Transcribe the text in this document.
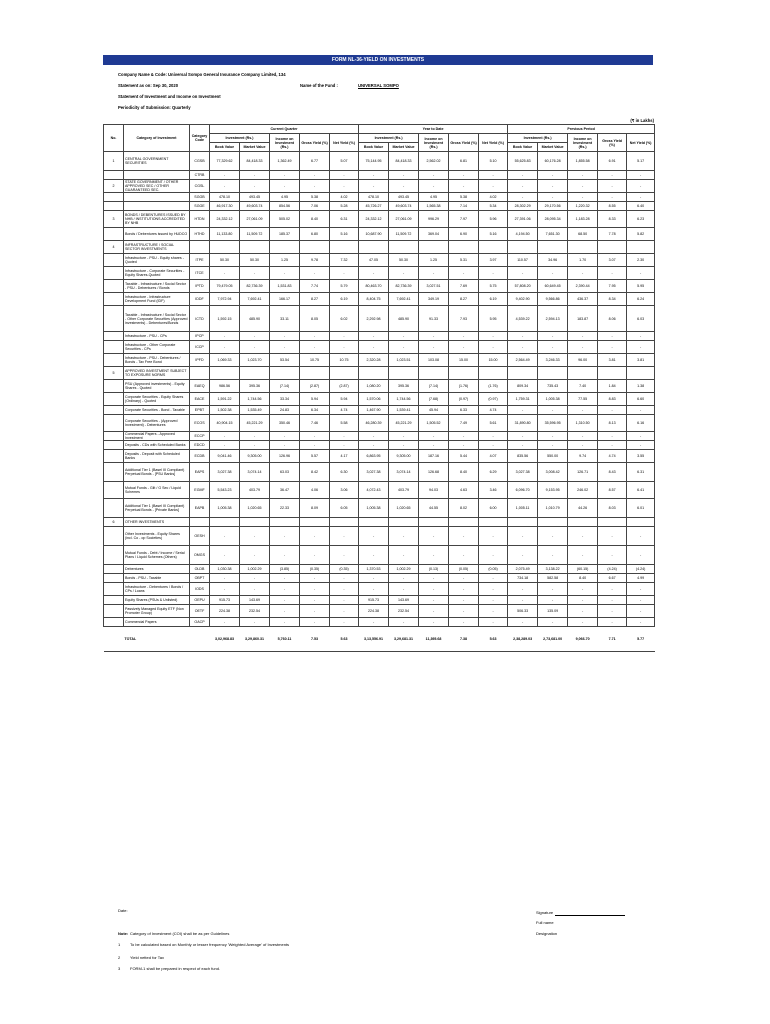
FORM NL-36-YIELD ON INVESTMENTS
Company Name & Code: Universal Sompo General Insurance Company Limited, 134
Statement as on: Sep 30, 2020	Name of the Fund :	UNIVERSAL SOMPO
Statement of Investment and Income on Investment
Periodicity of Submission: Quarterly
(₹ in Lakhs)
No.	Category of Investment	Category Code	Current Quarter					Year to Date					Previous Period				
			Investment (Rs.)		Income on Investment (Rs.)	Gross Yield (%)	Net Yield (%)	Investment (Rs.)		Income on Investment (Rs.)	Gross Yield (%)	Net Yield (%)	Investment (Rs.)		Income on Investment (Rs.)	Gross Yield (%)	Net Yield (%)
			Book Value	Market Value				Book Value	Market Value				Book Value	Market Value			
1	CENTRAL GOVERNMENT SECURITIES	CGSB	77,329.62	84,418.33	1,362.49	6.77	5.07	75,144.95	84,418.33	2,562.02	6.81	5.10	55,625.83	60,176.28	1,855.58	6.91	5.17
		CTRB	-	-	-	-	-	-	-	-	-	-	-	-	-	-	-
2	STATE GOVERNMENT / OTHER APPROVED SEC / OTHER GUARANTEED SEC.	CGSL	-	-	-	-	-	-	-	-	-	-	-	-	-	-	-
		SGGB	478.10	493.45	4.95	5.38	4.02	478.10	493.45	4.95	5.38	4.02	-	-	-	-	-
		SGGE	46,917.30	49,603.74	854.56	7.06	5.28	45,726.27	49,603.74	1,565.38	7.14	5.34	28,302.29	29,170.56	1,220.32	8.55	6.40
3	BONDS / DEBENTURES ISSUED BY NHB / INSTITUTIONS ACCREDITED BY NHB	HTDN	24,332.12	27,061.09	505.02	8.40	6.31	24,332.12	27,061.09	996.29	7.97	5.96	27,391.06	28,095.34	1,183.28	8.33	6.23
	Bonds / Debentures issued by HUDCO	HTHD	11,133.80	11,509.72	185.37	6.80	5.16	10,687.90	11,509.72	369.04	6.90	5.16	4,194.50	7,651.30	68.50	7.78	5.82
4	INFRASTRUCTURE / SOCIAL SECTOR INVESTMENTS																
	Infrastructure - PSU - Equity shares - Quoted	ITPE	50.30	50.30	1.25	9.78	7.32	47.05	50.30	1.25	5.31	3.97	110.57	34.96	1.70	3.07	2.30
	Infrastructure - Corporate Securities - Equity Shares-Quoted	ITCE	-	-	-	-	-	-	-	-	-	-	-	-	-	-	-
	Taxable - Infrastructure / Social Sector - PSU - Debentures / Bonds	IPTD	79,479.05	82,736.39	1,531.83	7.74	5.79	80,463.70	82,736.39	3,027.51	7.69	5.75	57,808.20	60,649.45	2,390.44	7.95	5.95
	Infrastructure - Infrastructure Development Fund (IDF)	IDDF	7,972.94	7,692.41	166.17	8.27	6.19	8,404.75	7,692.41	349.19	8.27	6.19	9,402.90	9,566.86	436.37	8.34	6.24
	Taxable - Infrastructure / Social Sector - Other Corporate Securities (Approved investments) - Debentures/Bonds	ICTD	1,592.15	485.90	33.11	8.05	6.02	2,292.98	485.90	91.33	7.93	5.95	4,539.22	2,594.13	183.87	8.06	6.03
	Infrastructure - PSU - CPs	IPCP	-	-	-	-	-	-	-	-	-	-	-	-	-	-	-
	Infrastructure - Other Corporate Securities - CPs	ICCP	-	-	-	-	-	-	-	-	-	-	-	-	-	-	-
	Infrastructure - PSU - Debentures / Bonds - Tax Free Bond	IPFD	1,069.33	1,023.70	53.54	10.75	10.75	2,320.28	1,023.51	103.08	15.00	15.00	2,564.49	3,246.33	96.00	3.81	3.81
5	APPROVED INVESTMENT SUBJECT TO EXPOSURE NORMS																
	PSU (Approved investments) - Equity Shares - Quoted	EAEQ	986.56	395.36	(7.14)	(2.87)	(2.87)	1,080.20	395.36	(7.14)	(1.76)	(1.76)	809.34	735.43	7.40	1.84	1.38
	Corporate Securities - Equity Shares (Ordinary) - Quoted	EACE	1,591.22	1,744.56	33.34	5.94	5.94	1,570.06	1,744.56	(7.68)	(0.97)	(0.97)	1,759.31	1,005.38	77.55	8.83	6.60
	Corporate Securities - Bond - Taxable	EPBT	1,502.38	1,535.49	24.83	6.34	4.74	1,467.90	1,539.41	45.94	6.33	4.74	-	-	-	-	-
	Corporate Securities - (Approved Investment) - Debentures	ECOS	40,904.15	45,221.29	350.46	7.46	5.58	46,280.39	45,221.29	1,505.52	7.49	5.61	31,890.80	35,596.95	1,310.50	8.13	6.16
	Commercial Papers - Approved Investment	ECCP	-	-	-	-	-	-	-	-	-	-	-	-	-	-	-
	Deposits - CDs with Scheduled Banks	EDCD	-	-	-	-	-	-	-	-	-	-	-	-	-	-	-
	Deposits - Deposit with Scheduled Banks	ECDB	9,041.46	9,305.00	126.96	5.57	4.17	6,863.95	9,305.00	187.16	5.44	4.07	835.56	550.00	9.74	4.74	3.55
	Additional Tier 1 (Basel III Compliant) Perpetual Bonds - [PSU Banks]	EAPS	3,027.38	3,074.14	63.03	8.42	6.30	3,027.38	3,074.14	126.68	8.40	6.29	3,027.38	3,008.42	126.71	8.43	6.31
	Mutual Funds - Gilt / G Sec / Liquid Schemes	EGMF	5,543.23	403.79	36.47	4.06	3.06	4,072.43	403.79	94.03	4.63	3.46	6,096.70	9,153.95	246.02	8.57	6.41
	Additional Tier 1 (Basel III Compliant) Perpetual Bonds - [Private Banks]	EAPB	1,005.38	1,020.65	22.33	8.09	6.05	1,005.38	1,020.65	44.55	8.02	6.00	1,005.11	1,010.79	44.26	8.03	6.01
6	OTHER INVESTMENTS																
	Other Investments - Equity Shares (incl. Co - op Societies)	OESH	-	-	-	-	-	-	-	-	-	-	-	-	-	-	-
	Mutual Funds - Debt / Income / Serial Plans / Liquid Schemes (Others)	OMGS	-	-	-	-	-	-	-	-	-	-	-	-	-	-	-
	Debentures	OLDB	1,030.38	1,002.29	(3.85)	(0.35)	(0.35)	1,370.53	1,002.29	(0.13)	(0.05)	(0.05)	2,075.49	3,138.22	(60.15)	(4.24)	(4.24)
	Bonds - PSU - Taxable	OBPT	-	-	-	-	-	-	-	-	-	-	734.18	582.58	8.40	6.67	4.99
	Infrastructure - Debentures / Bonds / CPs / Loans	IODS	-	-	-	-	-	-	-	-	-	-	-	-	-	-	-
	Equity Shares (PSUs & Unlisted)	OEPU	915.73	143.69	-	-	-	915.73	143.69	-	-	-	-	-	-	-	-
	Passively Managed Equity ETF (Non Promoter Group)	OETF	224.38	232.54	-	-	-	224.38	232.54	-	-	-	506.33	135.09	-	-	-
	Commercial Papers	OACP	-	-	-	-	-	-	-	-	-	-	-	-	-	-	-
	TOTAL		3,02,968.83	3,29,860.31	5,760.11	7.53	5.63	3,13,556.91	3,29,681.31	11,395.68	7.38	5.63	2,38,289.03	2,73,681.00	9,066.70	7.71	5.77
Date:	Signature
Full name
Designation
Note: Category of Investment (COI) shall be as per Guidelines
1 To be calculated based on Monthly or lesser frequency 'Weighted Average' of Investments
2 Yield netted for Tax
3 FORM-1 shall be prepared in respect of each fund.
